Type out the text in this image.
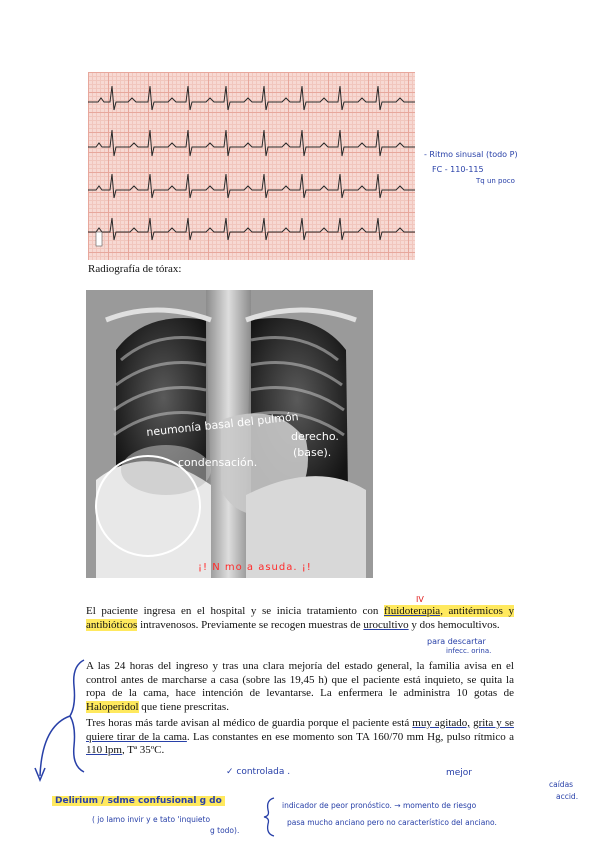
- Ritmo sinusal (todo P)
FC - 110-115
Tq un poco
Radiografía de tórax:
neumonía basal del pulmón
derecho.
(base).
condensación.
¡! N mo a asuda. ¡!
IV
El paciente ingresa en el hospital y se inicia tratamiento con fluidoterapia, antitérmicos y antibióticos intravenosos. Previamente se recogen muestras de urocultivo y dos hemocultivos.
para descartar
infecc. orina.
A las 24 horas del ingreso y tras una clara mejoría del estado general, la familia avisa en el control antes de marcharse a casa (sobre las 19,45 h) que el paciente está inquieto, se quita la ropa de la cama, hace intención de levantarse. La enfermera le administra 10 gotas de Haloperidol que tiene prescritas.
Tres horas más tarde avisan al médico de guardia porque el paciente está muy agitado, grita y se quiere tirar de la cama. Las constantes en ese momento son TA 160/70 mm Hg, pulso rítmico a 110 lpm, Tª 35ºC.
✓ controlada .	mejor
Delirium / sdme confusional g do
( jo lamo invir y e tato 'inquieto
g todo).
indicador de peor pronóstico. → momento de riesgo
pasa mucho anciano pero no característico del anciano.
caídas
accid.
